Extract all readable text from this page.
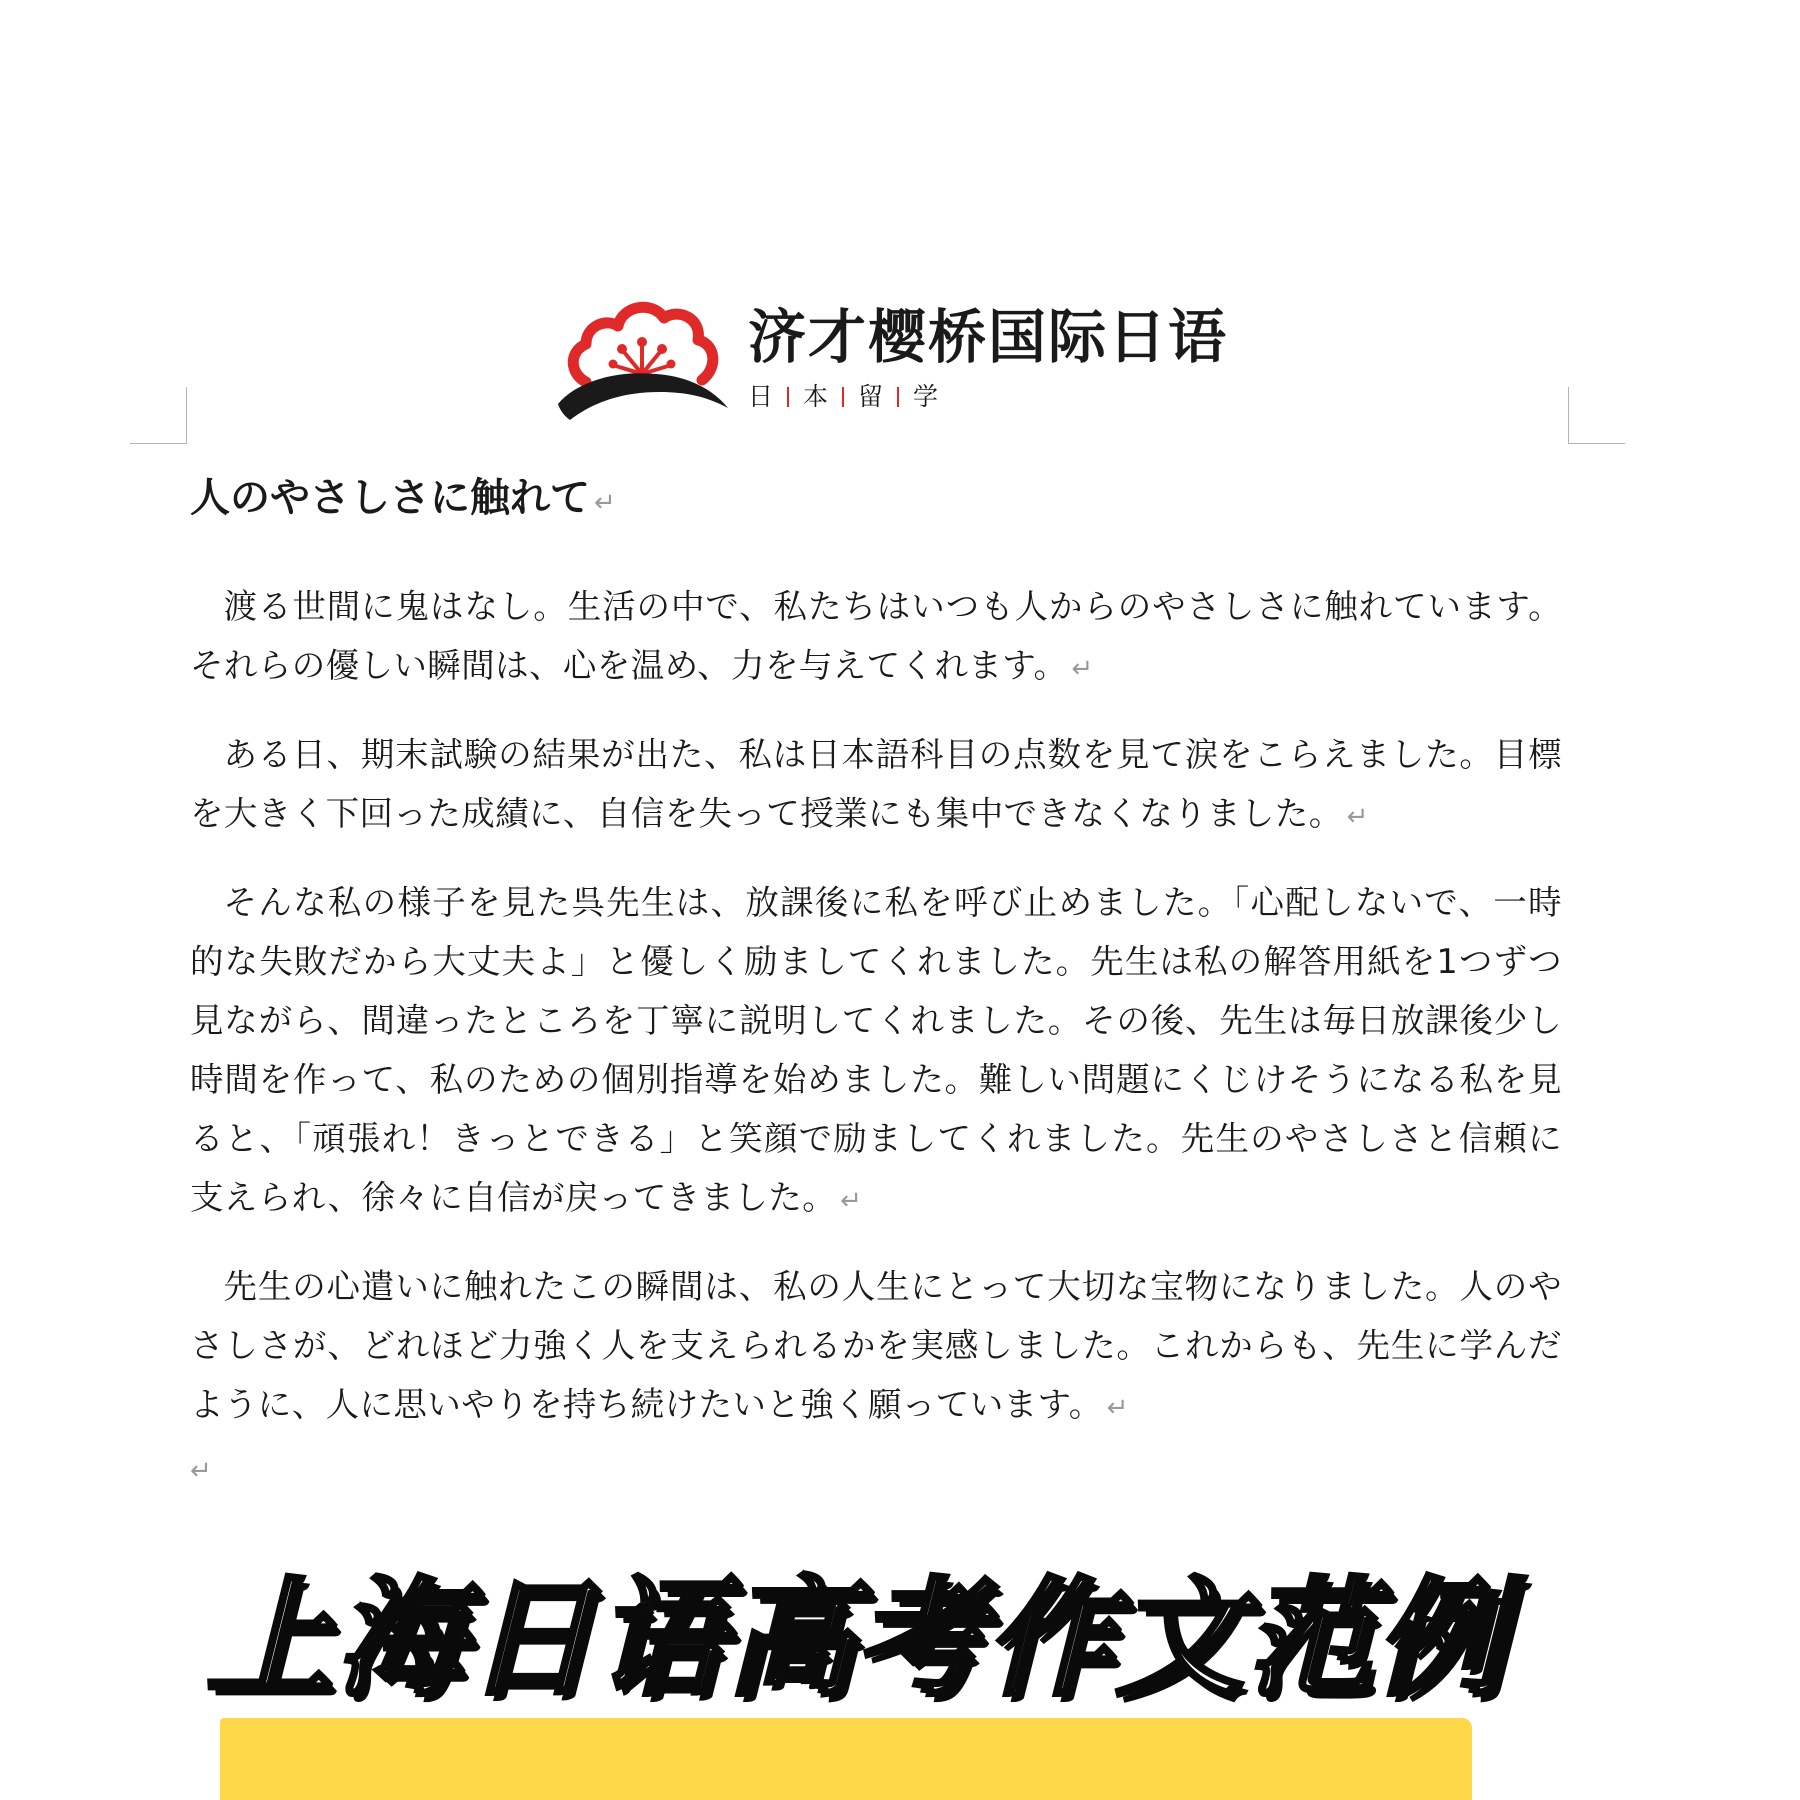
济才樱桥国际日语
日 本 留 学
人のやさしさに触れて ↵

渡る世間に鬼はなし。生活の中で、私たちはいつも人からのやさしさに触れています。それらの優しい瞬間は、心を温め、力を与えてくれます。 ↵

ある日、期末試験の結果が出た、私は日本語科目の点数を見て涙をこらえました。目標を大きく下回った成績に、自信を失って授業にも集中できなくなりました。 ↵

そんな私の様子を見た呉先生は、放課後に私を呼び止めました。「心配しないで、一時的な失敗だから大丈夫よ」と優しく励ましてくれました。先生は私の解答用紙を1つずつ見ながら、間違ったところを丁寧に説明してくれました。その後、先生は毎日放課後少し時間を作って、私のための個別指導を始めました。難しい問題にくじけそうになる私を見ると、「頑張れ！きっとできる」と笑顔で励ましてくれました。先生のやさしさと信頼に支えられ、徐々に自信が戻ってきました。 ↵

先生の心遣いに触れたこの瞬間は、私の人生にとって大切な宝物になりました。人のやさしさが、どれほど力強く人を支えられるかを実感しました。これからも、先生に学んだように、人に思いやりを持ち続けたいと強く願っています。 ↵

↵
上海日语高考作文范例
